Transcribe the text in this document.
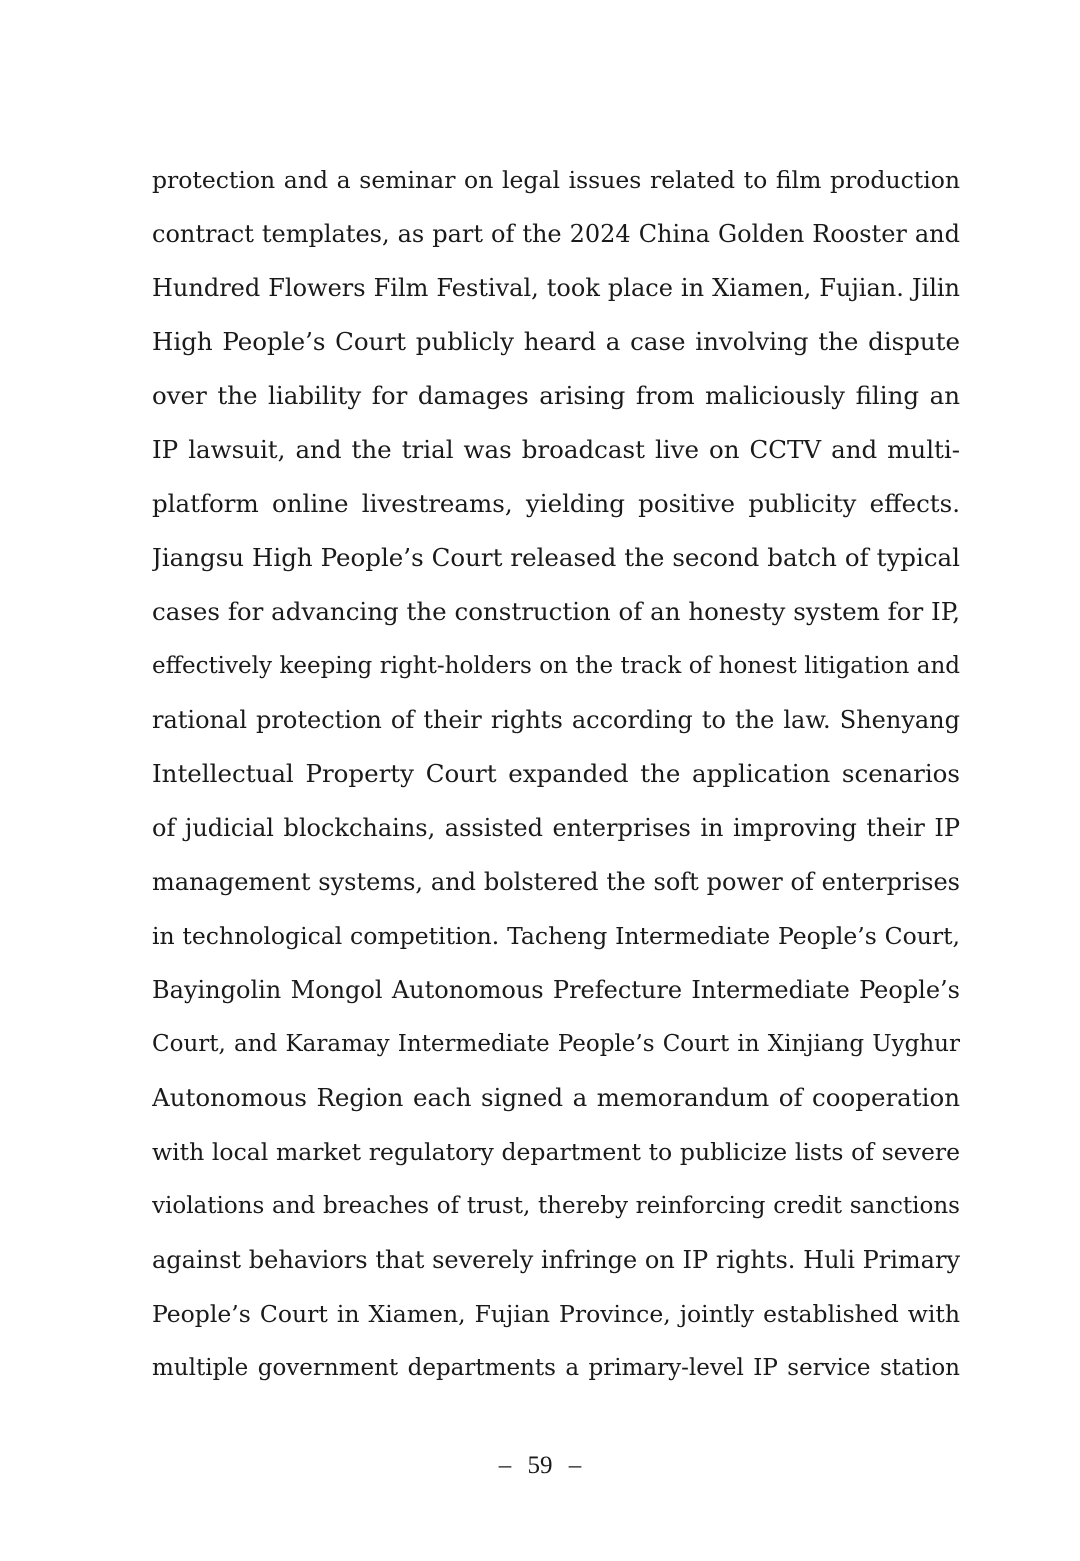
protection and a seminar on legal issues related to film production
contract templates, as part of the 2024 China Golden Rooster and
Hundred Flowers Film Festival, took place in Xiamen, Fujian. Jilin
High People’s Court publicly heard a case involving the dispute
over the liability for damages arising from maliciously filing an
IP lawsuit, and the trial was broadcast live on CCTV and multi-
platform online livestreams, yielding positive publicity effects.
Jiangsu High People’s Court released the second batch of typical
cases for advancing the construction of an honesty system for IP,
effectively keeping right-holders on the track of honest litigation and
rational protection of their rights according to the law. Shenyang
Intellectual Property Court expanded the application scenarios
of judicial blockchains, assisted enterprises in improving their IP
management systems, and bolstered the soft power of enterprises
in technological competition. Tacheng Intermediate People’s Court,
Bayingolin Mongol Autonomous Prefecture Intermediate People’s
Court, and Karamay Intermediate People’s Court in Xinjiang Uyghur
Autonomous Region each signed a memorandum of cooperation
with local market regulatory department to publicize lists of severe
violations and breaches of trust, thereby reinforcing credit sanctions
against behaviors that severely infringe on IP rights. Huli Primary
People’s Court in Xiamen, Fujian Province, jointly established with
multiple government departments a primary-level IP service station
– 59 –
